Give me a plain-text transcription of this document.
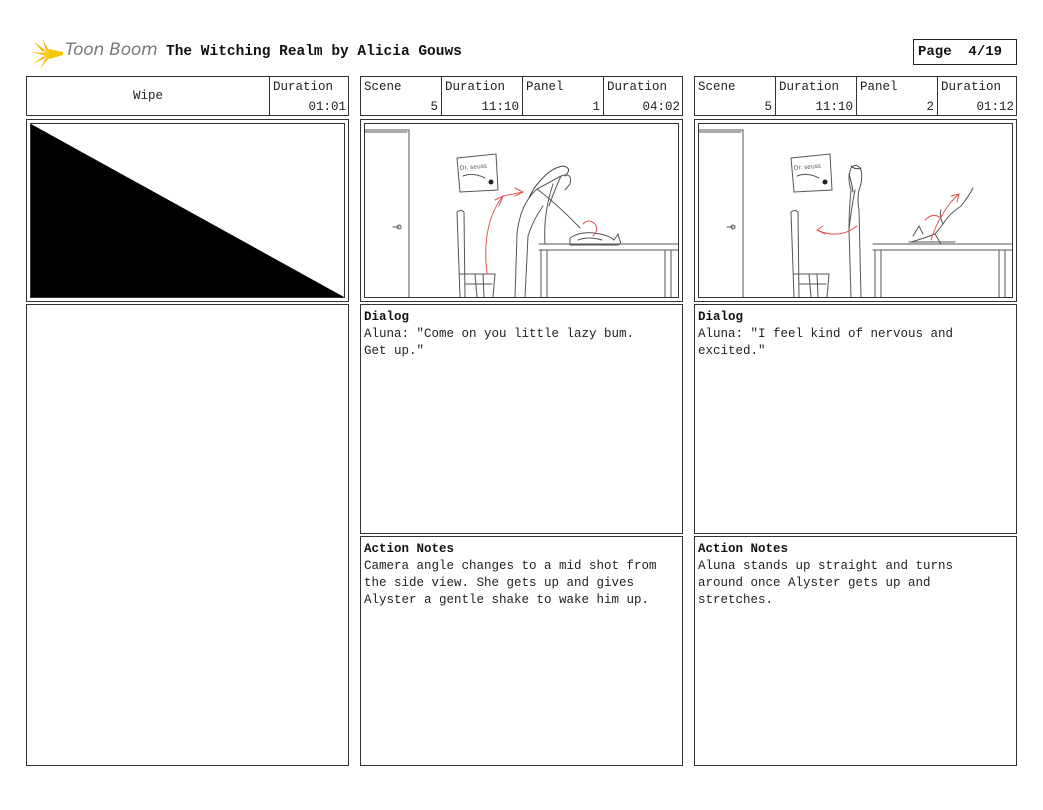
Toon Boom The Witching Realm by Alicia Gouws	Page 4/19
Wipe
Duration
01:01
Scene
5
Duration
11:10
Panel
1
Duration
04:02
Dr. seuss
Dialog
Aluna: "Come on you little lazy bum.
Get up."
Action Notes
Camera angle changes to a mid shot from
the side view. She gets up and gives
Alyster a gentle shake to wake him up.
Scene
5
Duration
11:10
Panel
2
Duration
01:12
Dr. seuss
Dialog
Aluna: "I feel kind of nervous and
excited."
Action Notes
Aluna stands up straight and turns
around once Alyster gets up and
stretches.
